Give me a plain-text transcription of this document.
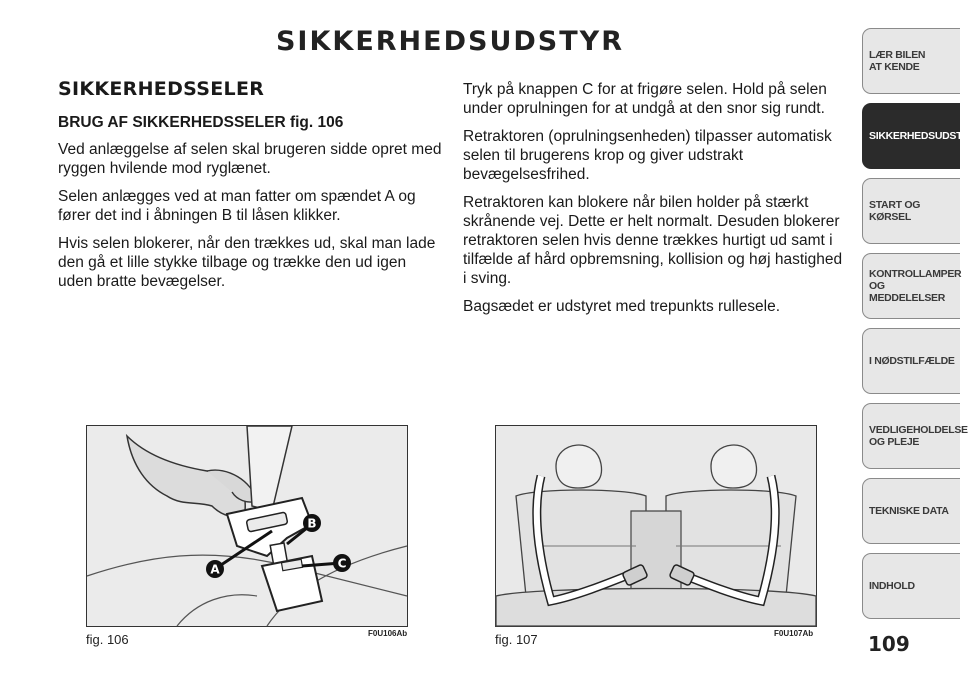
SIKKERHEDSUDSTYR
SIKKERHEDSSELER
BRUG AF SIKKERHEDSSELER fig. 106

Ved anlæggelse af selen skal brugeren sidde opret med ryggen hvilende mod ryglænet.

Selen anlægges ved at man fatter om spændet A og fører det ind i åbningen B til låsen klikker.

Hvis selen blokerer, når den trækkes ud, skal man lade den gå et lille stykke tilbage og trække den ud igen uden bratte bevægelser.

Tryk på knappen C for at frigøre selen. Hold på selen under oprulningen for at undgå at den snor sig rundt.

Retraktoren (oprulningsenheden) tilpasser automatisk selen til brugerens krop og giver udstrakt bevægelsesfrihed.

Retraktoren kan blokere når bilen holder på stærkt skrånende vej. Dette er helt normalt. Desuden blokerer retraktoren selen hvis denne trækkes hurtigt ud samt i tilfælde af hård opbremsning, kollision og høj hastighed i sving.

Bagsædet er udstyret med trepunkts rullesele.

A
B
C
fig. 106	F0U106Ab	fig. 107	F0U107Ab	109
LÆR BILEN
AT KENDE
SIKKERHEDSUDSTYR
START OG KØRSEL
KONTROLLAMPER
OG MEDDELELSER
I NØDSTILFÆLDE
VEDLIGEHOLDELSE
OG PLEJE
TEKNISKE DATA
INDHOLD
